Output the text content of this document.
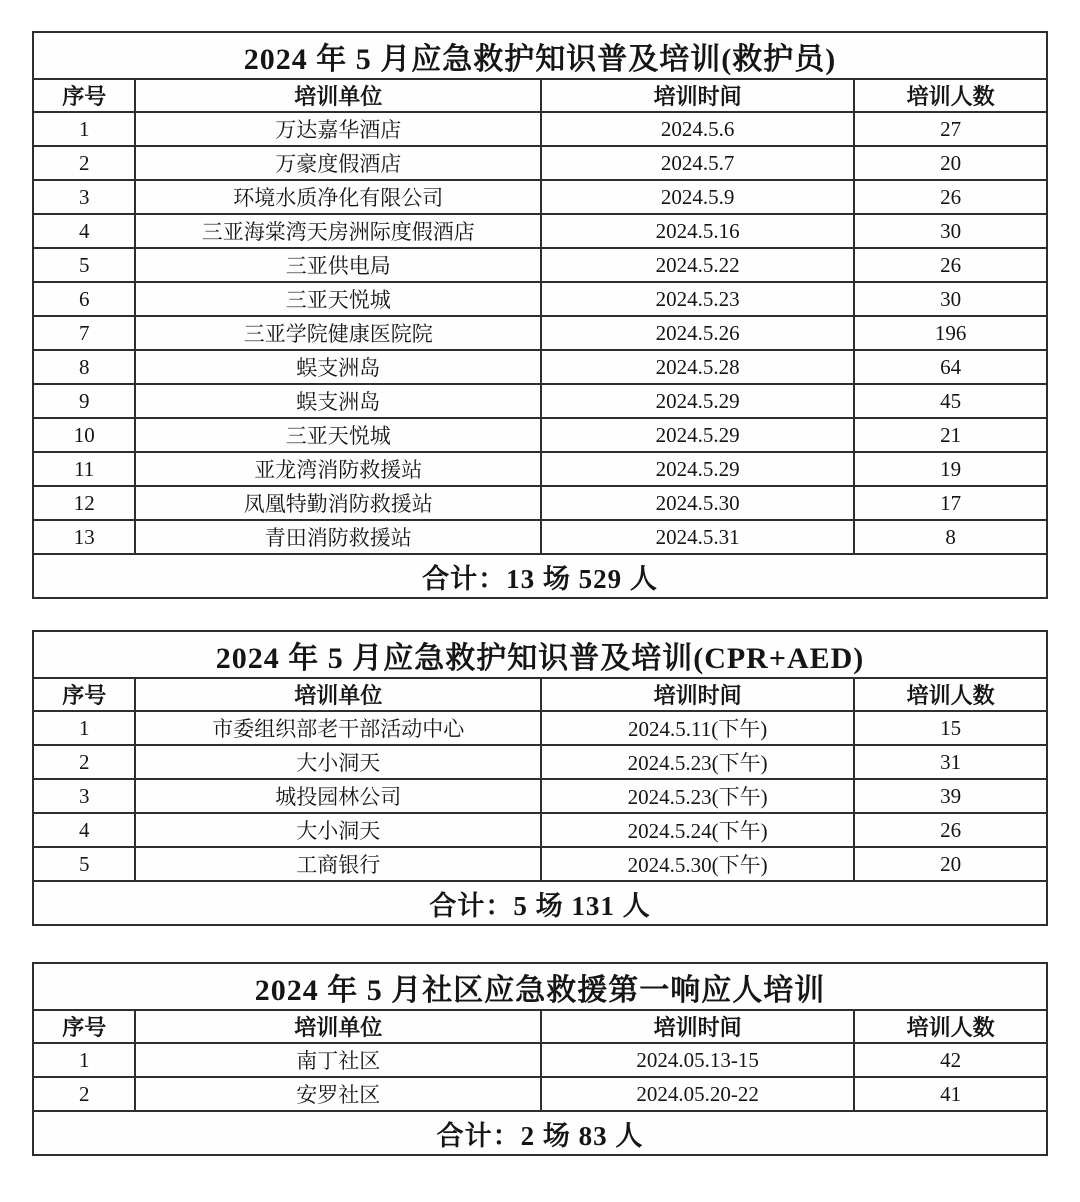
2024 年 5 月应急救护知识普及培训(救护员)			
序号	培训单位	培训时间	培训人数
1	万达嘉华酒店	2024.5.6	27
2	万豪度假酒店	2024.5.7	20
3	环境水质净化有限公司	2024.5.9	26
4	三亚海棠湾天房洲际度假酒店	2024.5.16	30
5	三亚供电局	2024.5.22	26
6	三亚天悦城	2024.5.23	30
7	三亚学院健康医院院	2024.5.26	196
8	蜈支洲岛	2024.5.28	64
9	蜈支洲岛	2024.5.29	45
10	三亚天悦城	2024.5.29	21
11	亚龙湾消防救援站	2024.5.29	19
12	凤凰特勤消防救援站	2024.5.30	17
13	青田消防救援站	2024.5.31	8
合计：13 场 529 人			
2024 年 5 月应急救护知识普及培训(CPR+AED)			
序号	培训单位	培训时间	培训人数
1	市委组织部老干部活动中心	2024.5.11(下午)	15
2	大小洞天	2024.5.23(下午)	31
3	城投园林公司	2024.5.23(下午)	39
4	大小洞天	2024.5.24(下午)	26
5	工商银行	2024.5.30(下午)	20
合计：5 场 131 人			
2024 年 5 月社区应急救援第一响应人培训			
序号	培训单位	培训时间	培训人数
1	南丁社区	2024.05.13-15	42
2	安罗社区	2024.05.20-22	41
合计：2 场 83 人			
